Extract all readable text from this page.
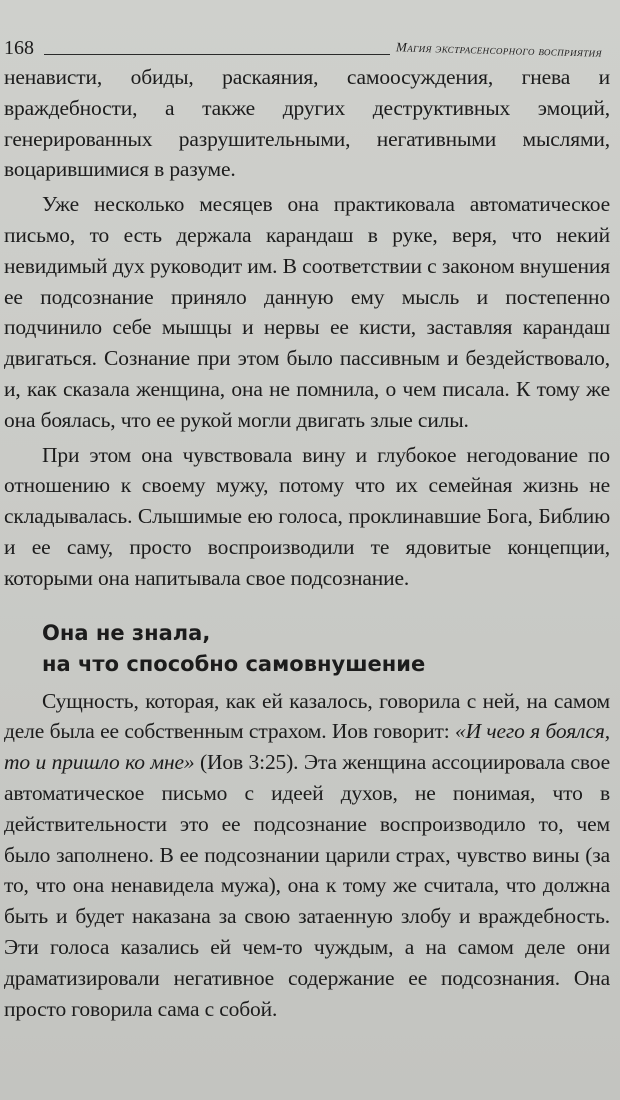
168	Магия экстрасенсорного восприятия

ненависти, обиды, раскаяния, самоосуждения, гнева и враждебности, а также других деструктивных эмоций, генерированных разрушительными, негативными мыслями, воцарившимися в разуме.

Уже несколько месяцев она практиковала автоматическое письмо, то есть держала карандаш в руке, веря, что некий невидимый дух руководит им. В соответствии с законом внушения ее подсознание приняло данную ему мысль и постепенно подчинило себе мышцы и нервы ее кисти, заставляя карандаш двигаться. Сознание при этом было пассивным и бездействовало, и, как сказала женщина, она не помнила, о чем писала. К тому же она боялась, что ее рукой могли двигать злые силы.

При этом она чувствовала вину и глубокое негодование по отношению к своему мужу, потому что их семейная жизнь не складывалась. Слышимые ею голоса, проклинавшие Бога, Библию и ее саму, просто воспроизводили те ядовитые концепции, которыми она напитывала свое подсознание.

Она не знала,
на что способно самовнушение

Сущность, которая, как ей казалось, говорила с ней, на самом деле была ее собственным страхом. Иов говорит: «И чего я боялся, то и пришло ко мне» (Иов 3:25). Эта женщина ассоциировала свое автоматическое письмо с идеей духов, не понимая, что в действительности это ее подсознание воспроизводило то, чем было заполнено. В ее подсознании царили страх, чувство вины (за то, что она ненавидела мужа), она к тому же считала, что должна быть и будет наказана за свою затаенную злобу и враждебность. Эти голоса казались ей чем-то чуждым, а на самом деле они драматизировали негативное содержание ее подсознания. Она просто говорила сама с собой.
